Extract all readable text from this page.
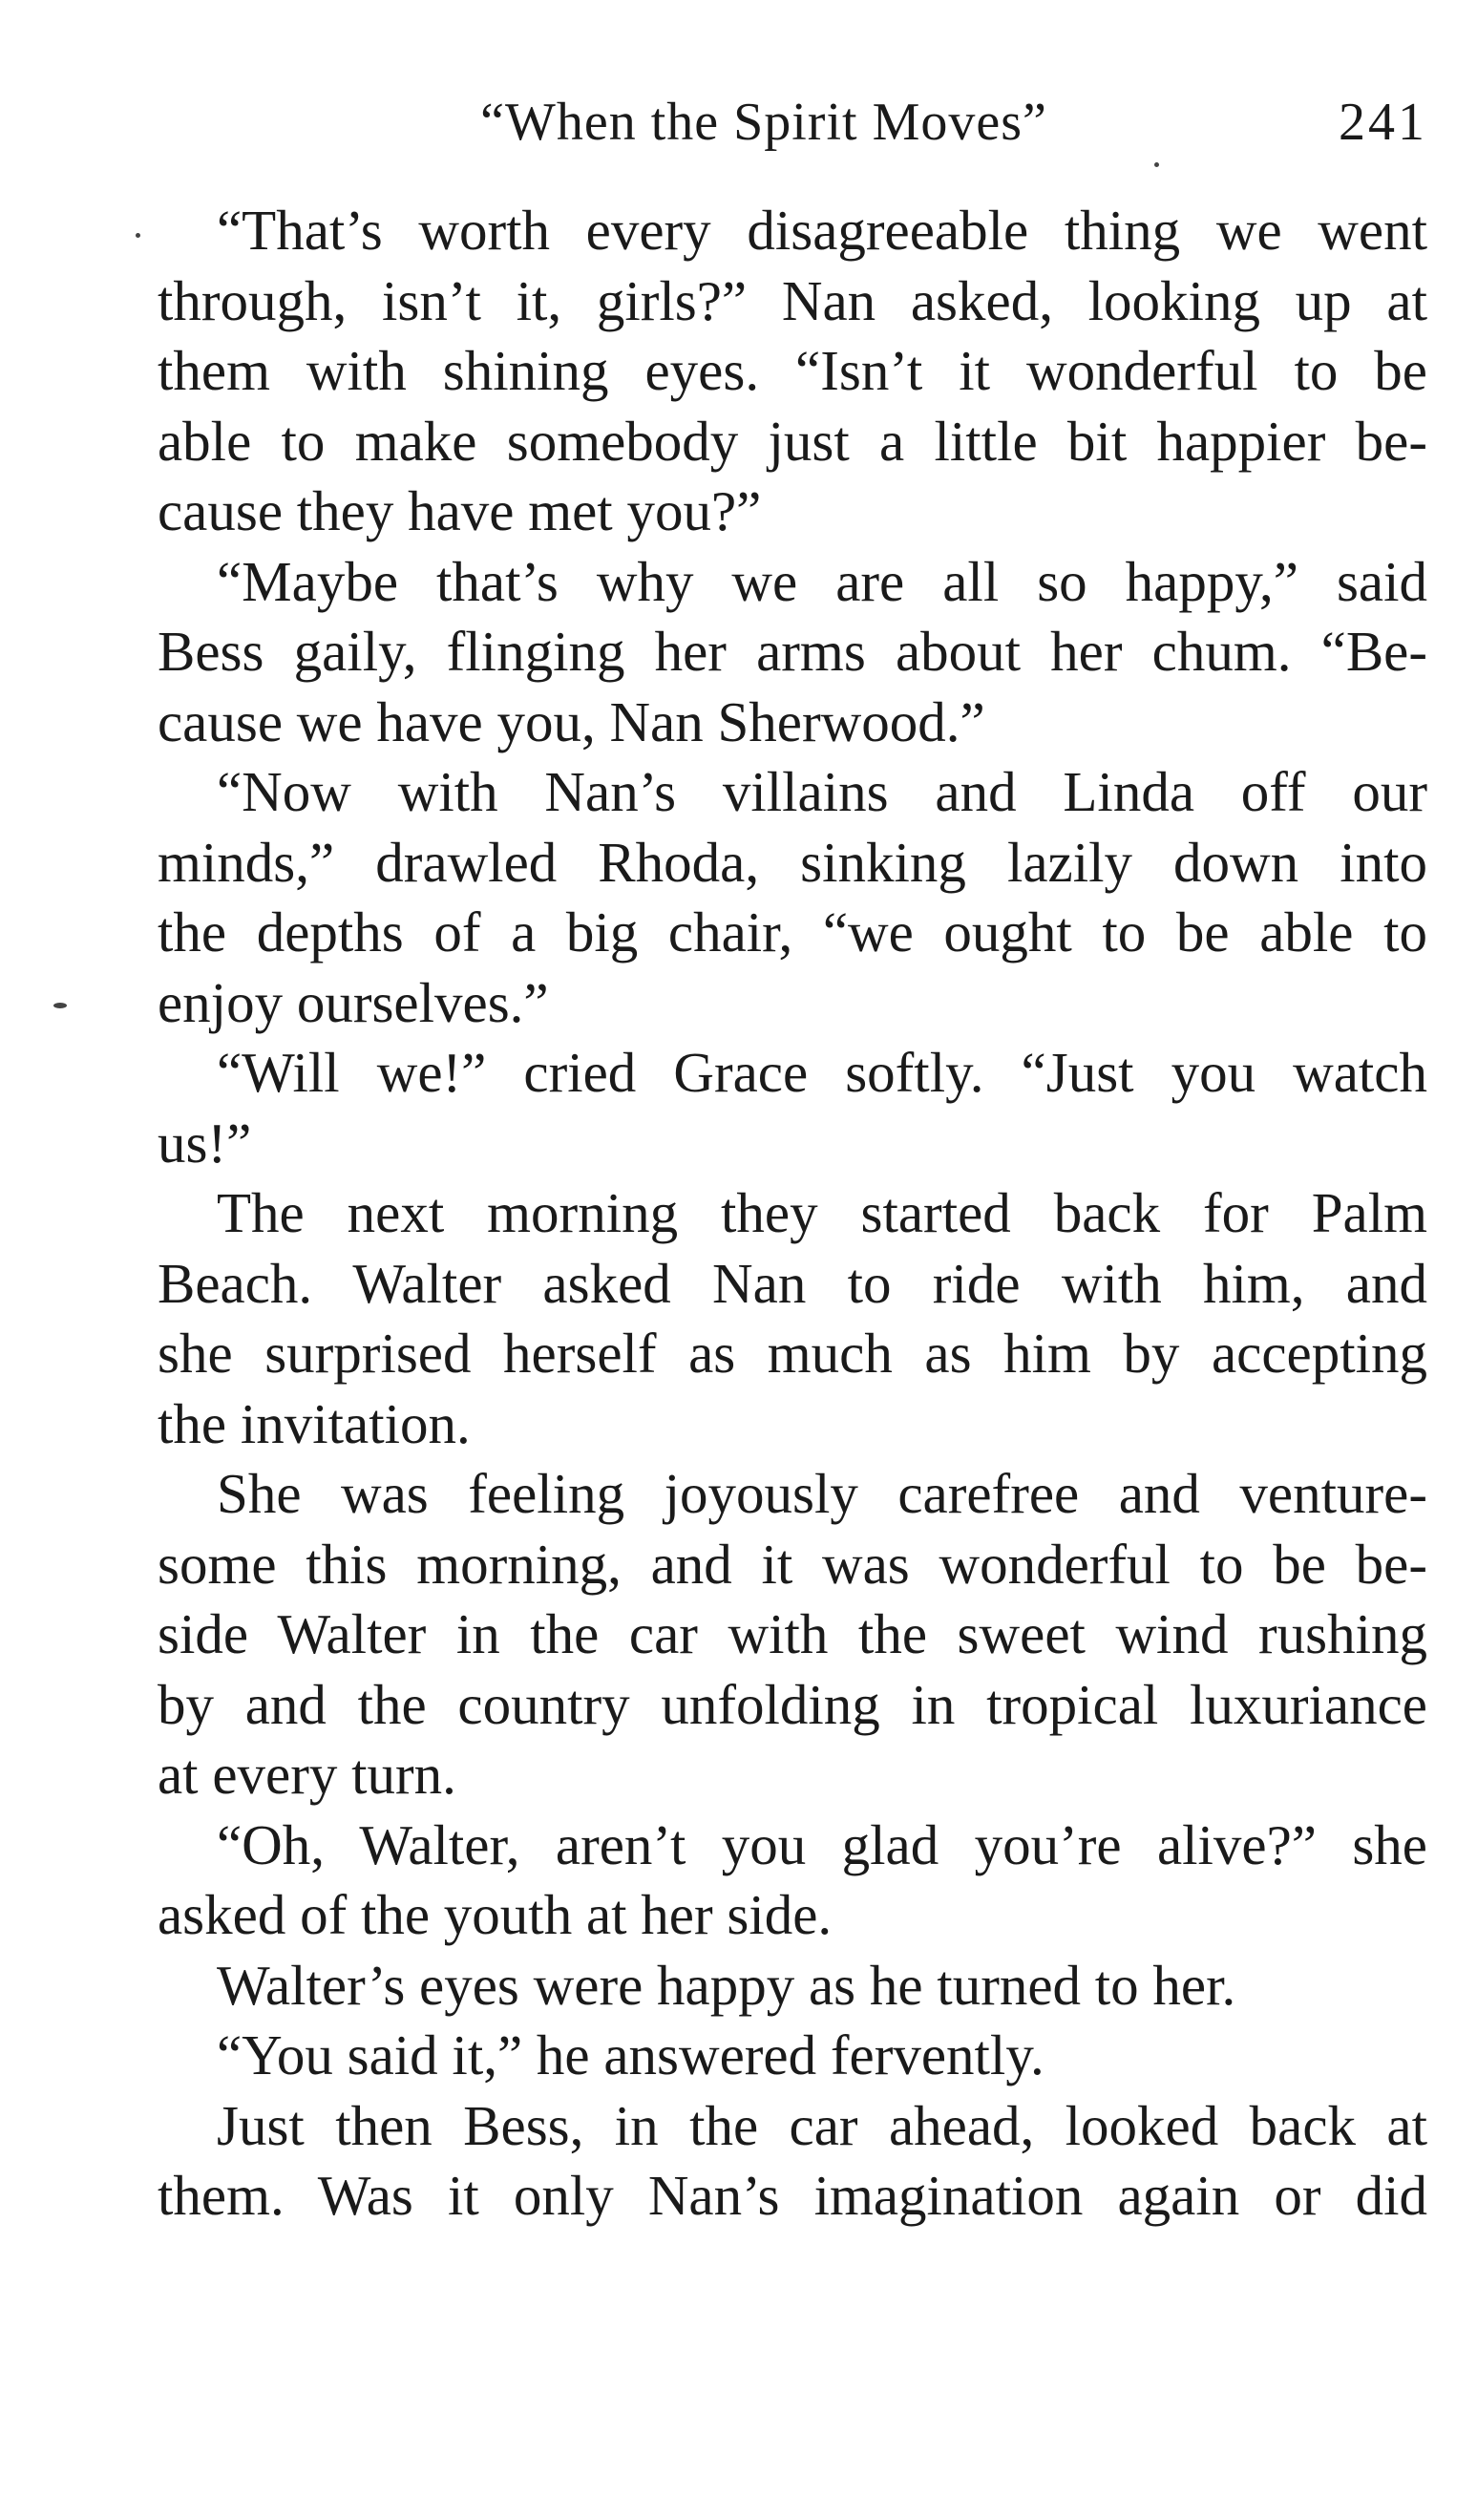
“When the Spirit Moves”	241
“That’s worth every disagreeable thing we went
through, isn’t it, girls?” Nan asked, looking up at
them with shining eyes. “Isn’t it wonderful to be
able to make somebody just a little bit happier be-
cause they have met you?”
“Maybe that’s why we are all so happy,” said
Bess gaily, flinging her arms about her chum. “Be-
cause we have you, Nan Sherwood.”
“Now with Nan’s villains and Linda off our
minds,” drawled Rhoda, sinking lazily down into
the depths of a big chair, “we ought to be able to
enjoy ourselves.”
“Will we!” cried Grace softly. “Just you watch
us!”
The next morning they started back for Palm
Beach. Walter asked Nan to ride with him, and
she surprised herself as much as him by accepting
the invitation.
She was feeling joyously carefree and venture-
some this morning, and it was wonderful to be be-
side Walter in the car with the sweet wind rushing
by and the country unfolding in tropical luxuriance
at every turn.
“Oh, Walter, aren’t you glad you’re alive?” she
asked of the youth at her side.
Walter’s eyes were happy as he turned to her.
“You said it,” he answered fervently.
Just then Bess, in the car ahead, looked back at
them. Was it only Nan’s imagination again or did
